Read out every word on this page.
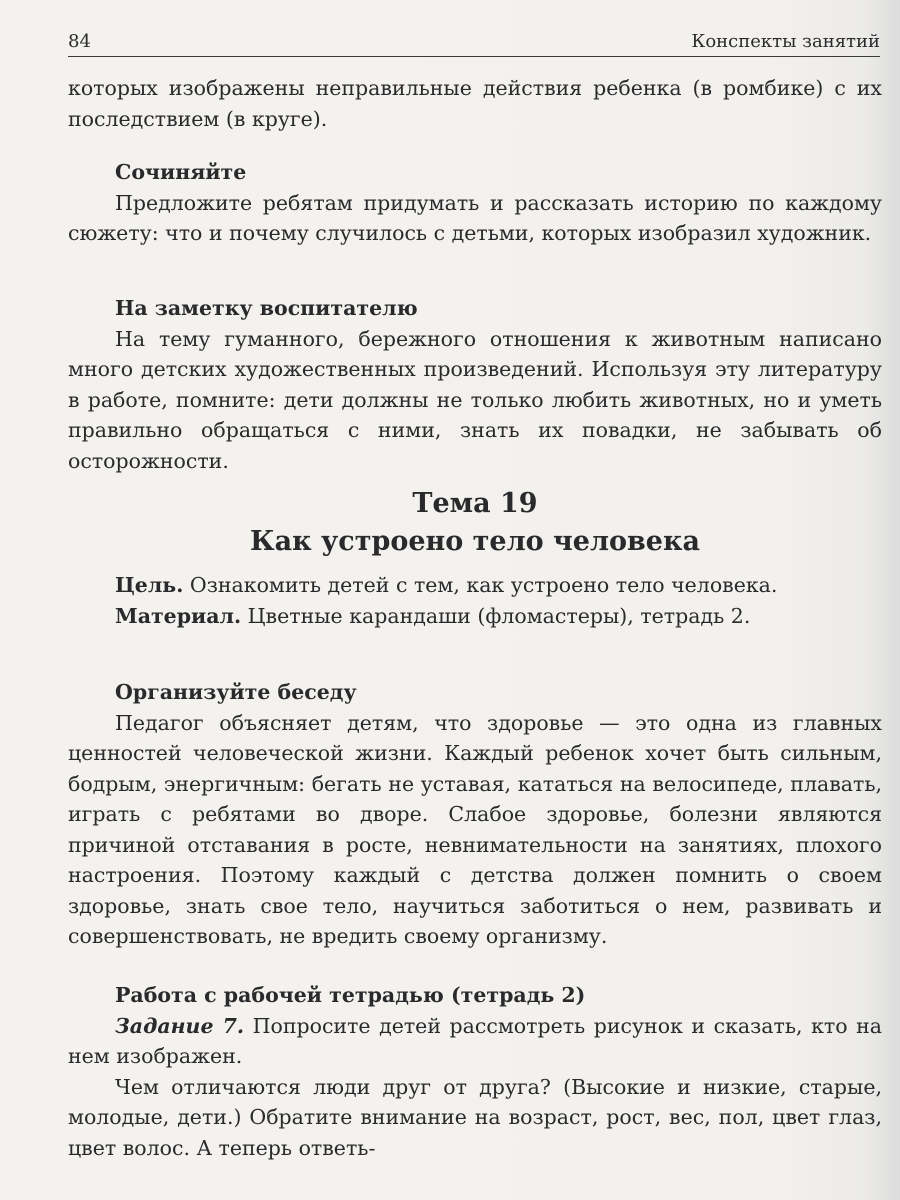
84	Конспекты занятий

которых изображены неправильные действия ребенка (в ромбике) с их последствием (в круге).

Сочиняйте

Предложите ребятам придумать и рассказать историю по каждому сюжету: что и почему случилось с детьми, которых изобразил художник.

На заметку воспитателю

На тему гуманного, бережного отношения к животным написано много детских художественных произведений. Используя эту литературу в работе, помните: дети должны не только любить животных, но и уметь правильно обращаться с ними, знать их повадки, не забывать об осторожности.

Тема 19
Как устроено тело человека

Цель. Ознакомить детей с тем, как устроено тело человека.

Материал. Цветные карандаши (фломастеры), тетрадь 2.

Организуйте беседу

Педагог объясняет детям, что здоровье — это одна из главных ценностей человеческой жизни. Каждый ребенок хочет быть сильным, бодрым, энергичным: бегать не уставая, кататься на велосипеде, плавать, играть с ребятами во дворе. Слабое здоровье, болезни являются причиной отставания в росте, невнимательности на занятиях, плохого настроения. Поэтому каждый с детства должен помнить о своем здоровье, знать свое тело, научиться заботиться о нем, развивать и совершенствовать, не вредить своему организму.

Работа с рабочей тетрадью (тетрадь 2)

Задание 7. Попросите детей рассмотреть рисунок и сказать, кто на нем изображен.

Чем отличаются люди друг от друга? (Высокие и низкие, старые, молодые, дети.) Обратите внимание на возраст, рост, вес, пол, цвет глаз, цвет волос. А теперь ответь-
